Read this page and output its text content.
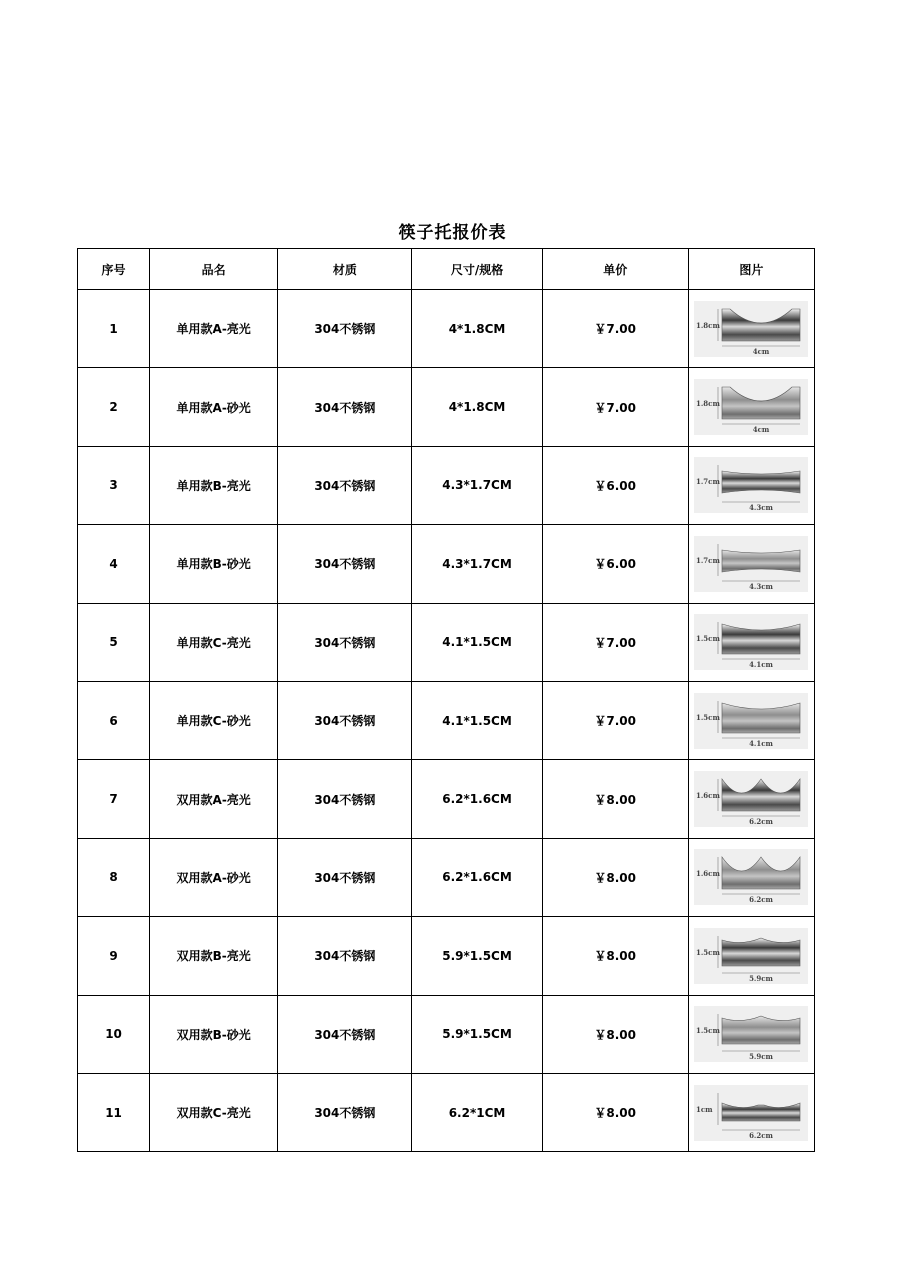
筷子托报价表
序号	品名	材质	尺寸/规格	单价	图片
1	单用款A-亮光	304不锈钢	4*1.8CM	￥7.00	1.8cm
4cm

2	单用款A-砂光	304不锈钢	4*1.8CM	￥7.00	1.8cm
4cm

3	单用款B-亮光	304不锈钢	4.3*1.7CM	￥6.00	1.7cm
4.3cm

4	单用款B-砂光	304不锈钢	4.3*1.7CM	￥6.00	1.7cm
4.3cm

5	单用款C-亮光	304不锈钢	4.1*1.5CM	￥7.00	1.5cm
4.1cm

6	单用款C-砂光	304不锈钢	4.1*1.5CM	￥7.00	1.5cm
4.1cm

7	双用款A-亮光	304不锈钢	6.2*1.6CM	￥8.00	1.6cm
6.2cm

8	双用款A-砂光	304不锈钢	6.2*1.6CM	￥8.00	1.6cm
6.2cm

9	双用款B-亮光	304不锈钢	5.9*1.5CM	￥8.00	1.5cm
5.9cm

10	双用款B-砂光	304不锈钢	5.9*1.5CM	￥8.00	1.5cm
5.9cm

11	双用款C-亮光	304不锈钢	6.2*1CM	￥8.00	1cm
6.2cm
